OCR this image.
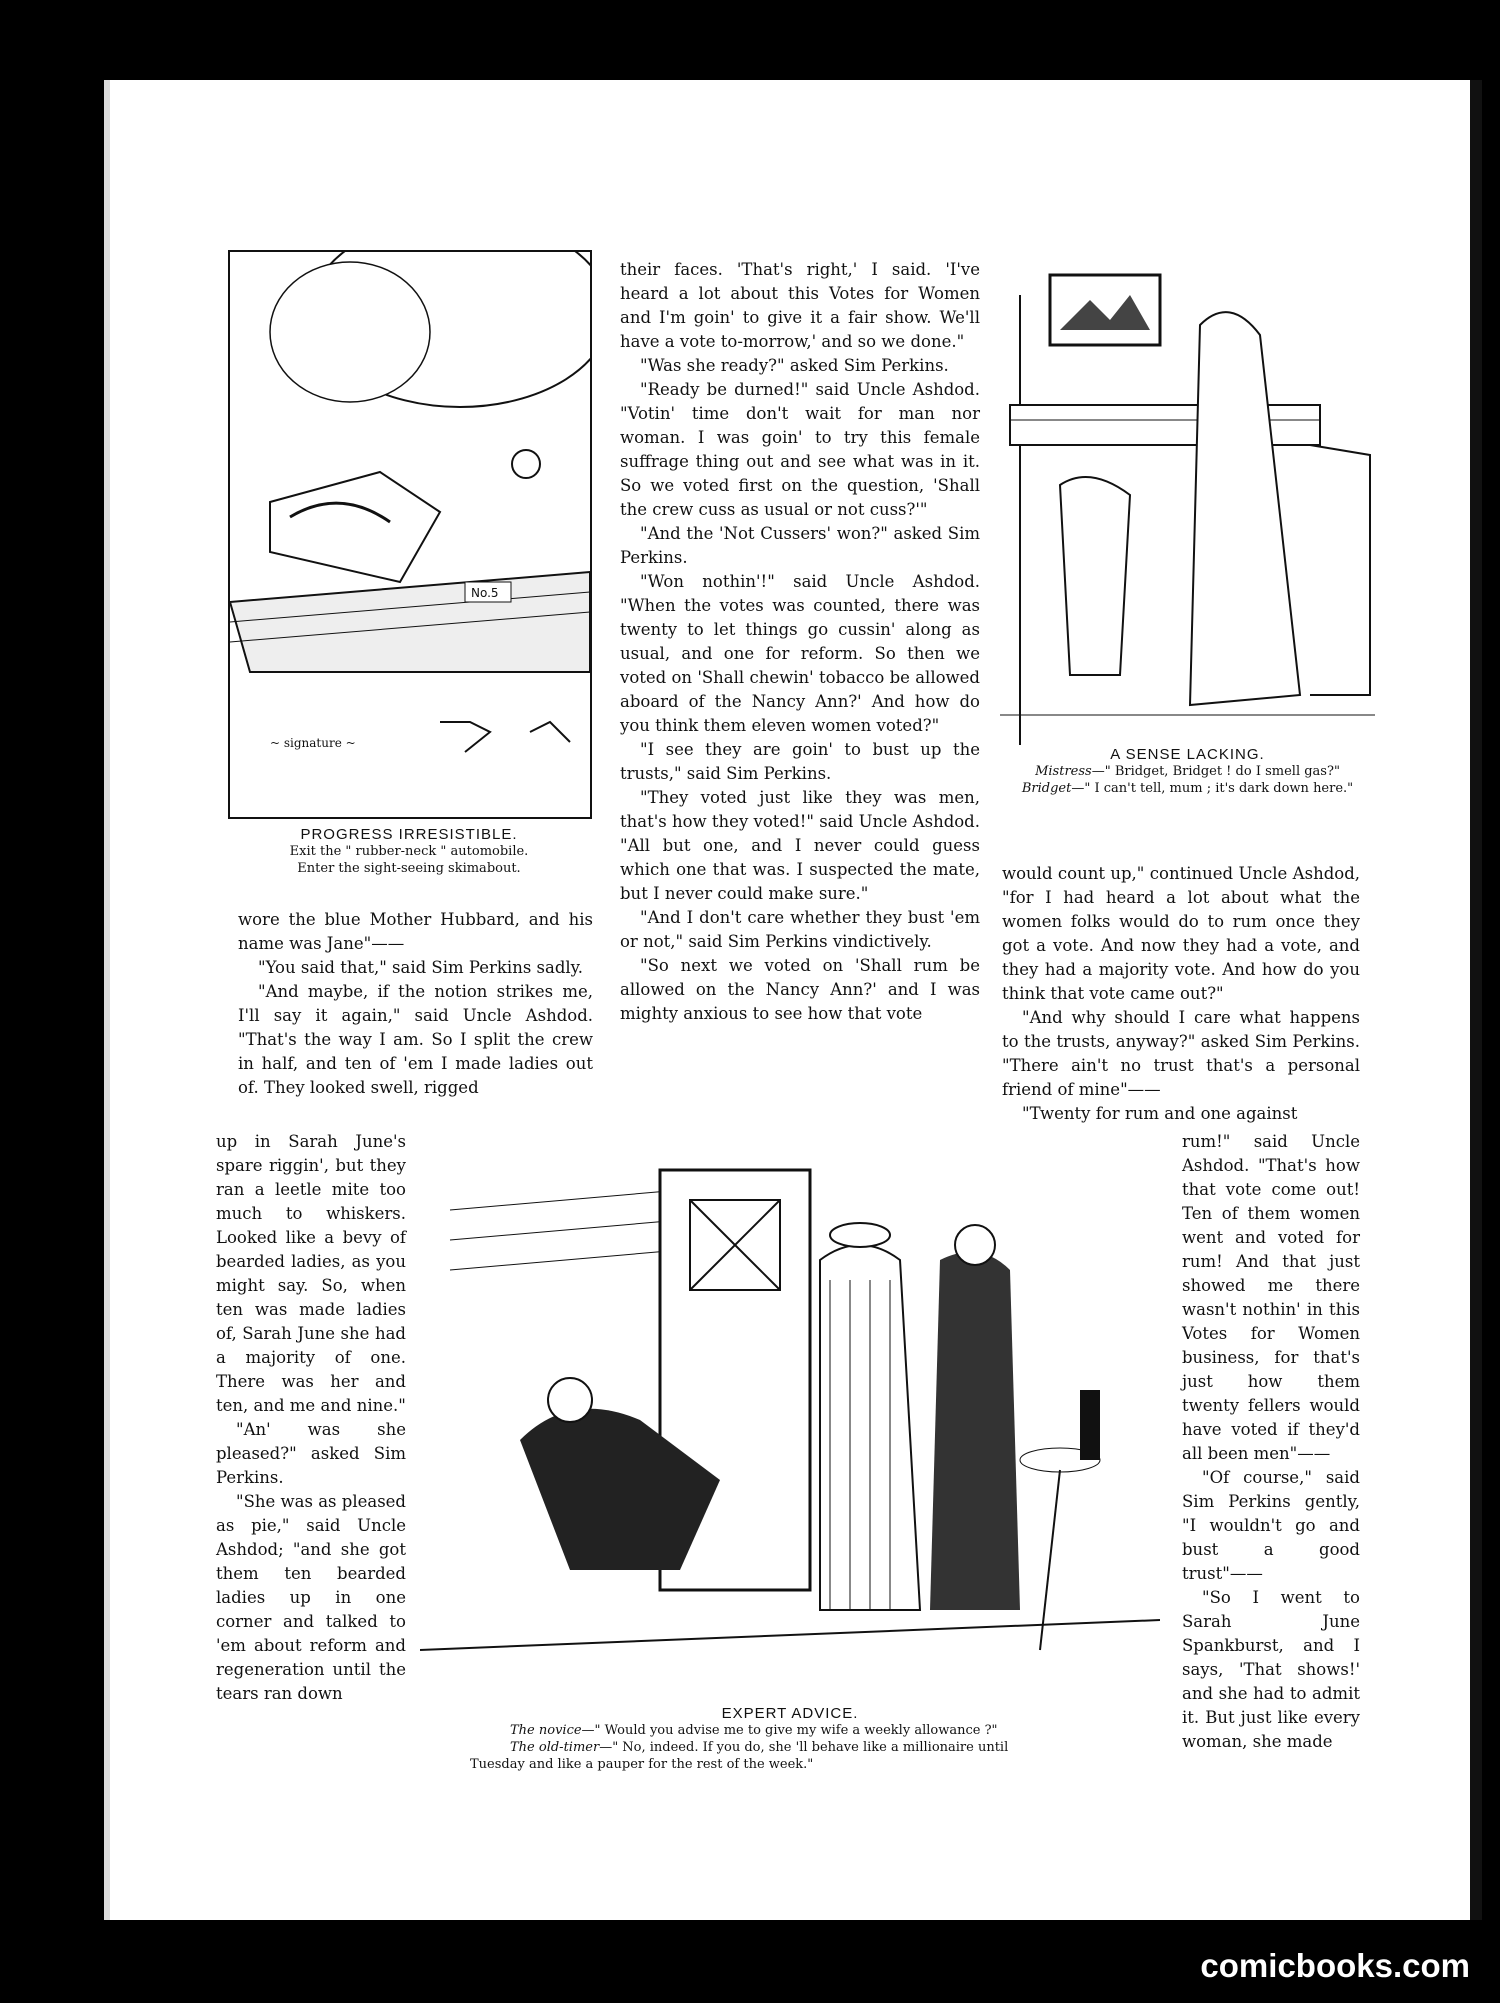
~ signature ~
No.5

PROGRESS IRRESISTIBLE.

Exit the " rubber-neck " automobile.

Enter the sight-seeing skimabout.

A SENSE LACKING.

Mistress—" Bridget, Bridget ! do I smell gas?"

Bridget—" I can't tell, mum ; it's dark down here."

EXPERT ADVICE.

The novice—" Would you advise me to give my wife a weekly allowance ?"

The old-timer—" No, indeed. If you do, she 'll behave like a millionaire until

Tuesday and like a pauper for the rest of the week."

wore the blue Mother Hubbard, and his name was Jane"——

"You said that," said Sim Perkins sadly.

"And maybe, if the notion strikes me, I'll say it again," said Uncle Ashdod. "That's the way I am. So I split the crew in half, and ten of 'em I made ladies out of. They looked swell, rigged

up in Sarah June's spare riggin', but they ran a leetle mite too much to whiskers. Looked like a bevy of bearded ladies, as you might say. So, when ten was made ladies of, Sarah June she had a majority of one. There was her and ten, and me and nine."

"An' was she pleased?" asked Sim Perkins.

"She was as pleased as pie," said Uncle Ashdod; "and she got them ten bearded ladies up in one corner and talked to 'em about reform and regeneration until the tears ran down

their faces. 'That's right,' I said. 'I've heard a lot about this Votes for Women and I'm goin' to give it a fair show. We'll have a vote to-morrow,' and so we done."

"Was she ready?" asked Sim Perkins.

"Ready be durned!" said Uncle Ashdod. "Votin' time don't wait for man nor woman. I was goin' to try this female suffrage thing out and see what was in it. So we voted first on the question, 'Shall the crew cuss as usual or not cuss?'"

"And the 'Not Cussers' won?" asked Sim Perkins.

"Won nothin'!" said Uncle Ashdod. "When the votes was counted, there was twenty to let things go cussin' along as usual, and one for reform. So then we voted on 'Shall chewin' tobacco be allowed aboard of the Nancy Ann?' And how do you think them eleven women voted?"

"I see they are goin' to bust up the trusts," said Sim Perkins.

"They voted just like they was men, that's how they voted!" said Uncle Ashdod. "All but one, and I never could guess which one that was. I suspected the mate, but I never could make sure."

"And I don't care whether they bust 'em or not," said Sim Perkins vindictively.

"So next we voted on 'Shall rum be allowed on the Nancy Ann?' and I was mighty anxious to see how that vote

would count up," continued Uncle Ashdod, "for I had heard a lot about what the women folks would do to rum once they got a vote. And now they had a vote, and they had a majority vote. And how do you think that vote came out?"

"And why should I care what happens to the trusts, anyway?" asked Sim Perkins. "There ain't no trust that's a personal friend of mine"——

"Twenty for rum and one against

rum!" said Uncle Ashdod. "That's how that vote come out! Ten of them women went and voted for rum! And that just showed me there wasn't nothin' in this Votes for Women business, for that's just how them twenty fellers would have voted if they'd all been men"——

"Of course," said Sim Perkins gently, "I wouldn't go and bust a good trust"——

"So I went to Sarah June Spankburst, and I says, 'That shows!' and she had to admit it. But just like every woman, she made

comicbooks.com
